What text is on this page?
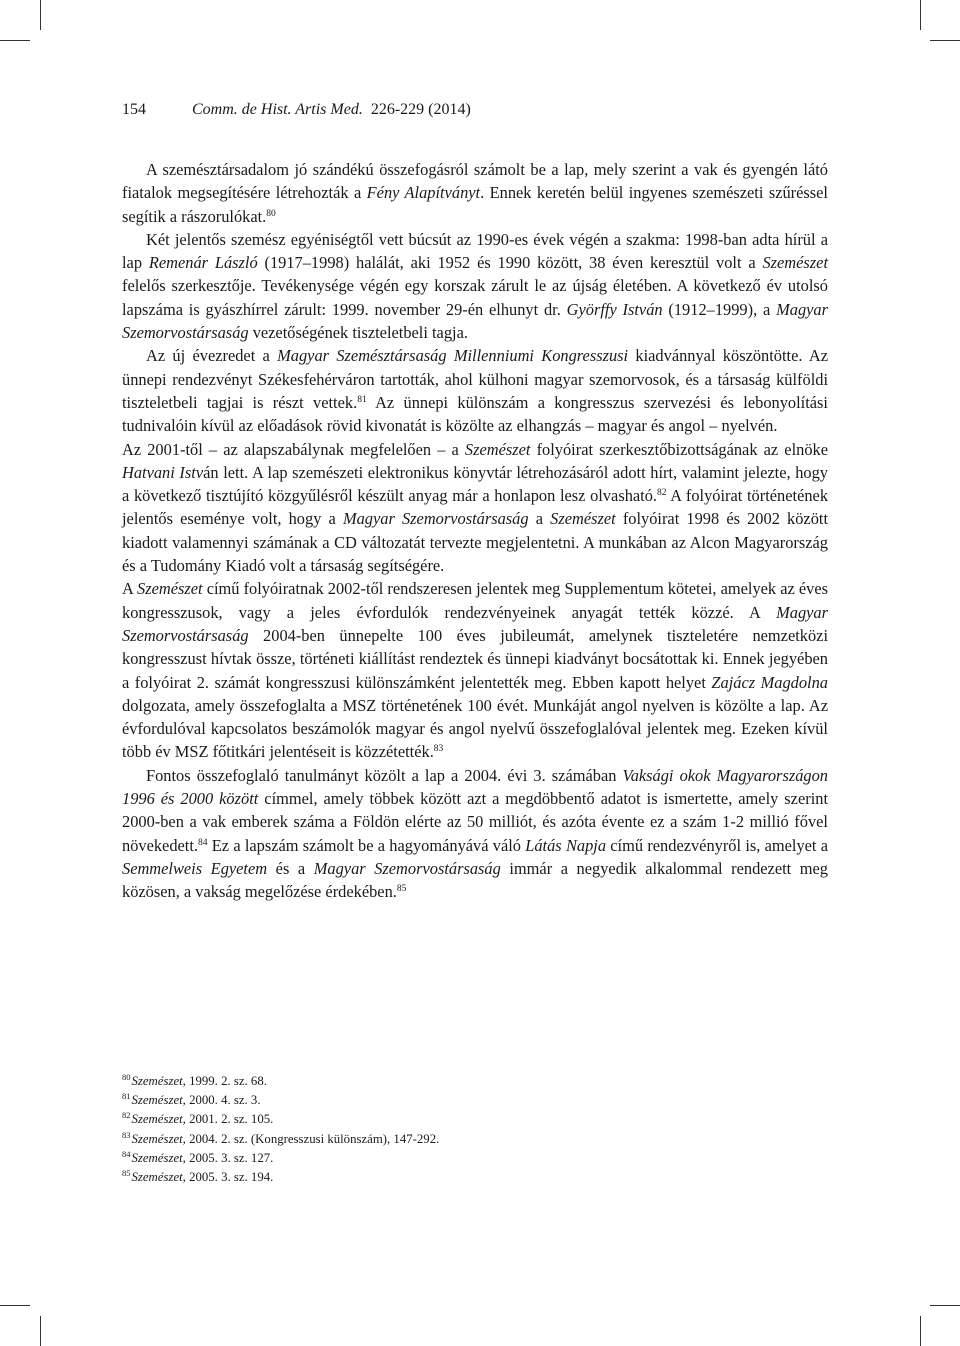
154	Comm. de Hist. Artis Med. 226-229 (2014)

A szemésztársadalom jó szándékú összefogásról számolt be a lap, mely szerint a vak és gyengén látó fiatalok megsegítésére létrehozták a Fény Alapítványt. Ennek keretén belül ingyenes szemészeti szűréssel segítik a rászorulókat.$^{80}$

Két jelentős szemész egyéniségtől vett búcsút az 1990-es évek végén a szakma: 1998-ban adta hírül a lap Remenár László (1917–1998) halálát, aki 1952 és 1990 között, 38 éven keresztül volt a Szemészet felelős szerkesztője. Tevékenysége végén egy korszak zárult le az újság életében. A következő év utolsó lapszáma is gyászhírrel zárult: 1999. november 29-én elhunyt dr. Györffy István (1912–1999), a Magyar Szemorvostársaság vezetőségének tiszteletbeli tagja.

Az új évezredet a Magyar Szemésztársaság Millenniumi Kongresszusi kiadvánnyal köszöntötte. Az ünnepi rendezvényt Székesfehérváron tartották, ahol külhoni magyar szemorvosok, és a társaság külföldi tiszteletbeli tagjai is részt vettek.$^{81}$ Az ünnepi különszám a kongresszus szervezési és lebonyolítási tudnivalóin kívül az előadások rövid kivonatát is közölte az elhangzás – magyar és angol – nyelvén.

Az 2001-től – az alapszabálynak megfelelően – a Szemészet folyóirat szerkesztőbizottságának az elnöke Hatvani István lett. A lap szemészeti elektronikus könyvtár létrehozásáról adott hírt, valamint jelezte, hogy a következő tisztújító közgyűlésről készült anyag már a honlapon lesz olvasható.$^{82}$ A folyóirat történetének jelentős eseménye volt, hogy a Magyar Szemorvostársaság a Szemészet folyóirat 1998 és 2002 között kiadott valamennyi számának a CD változatát tervezte megjelentetni. A munkában az Alcon Magyarország és a Tudomány Kiadó volt a társaság segítségére.

A Szemészet című folyóiratnak 2002-től rendszeresen jelentek meg Supplementum kötetei, amelyek az éves kongresszusok, vagy a jeles évfordulók rendezvényeinek anyagát tették közzé. A Magyar Szemorvostársaság 2004-ben ünnepelte 100 éves jubileumát, amelynek tiszteletére nemzetközi kongresszust hívtak össze, történeti kiállítást rendeztek és ünnepi kiadványt bocsátottak ki. Ennek jegyében a folyóirat 2. számát kongresszusi különszámként jelentették meg. Ebben kapott helyet Zajácz Magdolna dolgozata, amely összefoglalta a MSZ történetének 100 évét. Munkáját angol nyelven is közölte a lap. Az évfordulóval kapcsolatos beszámolók magyar és angol nyelvű összefoglalóval jelentek meg. Ezeken kívül több év MSZ főtitkári jelentéseit is közzétették.$^{83}$

Fontos összefoglaló tanulmányt közölt a lap a 2004. évi 3. számában Vaksági okok Magyarországon 1996 és 2000 között címmel, amely többek között azt a megdöbbentő adatot is ismertette, amely szerint 2000-ben a vak emberek száma a Földön elérte az 50 milliót, és azóta évente ez a szám 1-2 millió fővel növekedett.$^{84}$ Ez a lapszám számolt be a hagyományává váló Látás Napja című rendezvényről is, amelyet a Semmelweis Egyetem és a Magyar Szemorvostársaság immár a negyedik alkalommal rendezett meg közösen, a vakság megelőzése érdekében.$^{85}$

$^{80}$Szemészet, 1999. 2. sz. 68.
$^{81}$Szemészet, 2000. 4. sz. 3.
$^{82}$Szemészet, 2001. 2. sz. 105.
$^{83}$Szemészet, 2004. 2. sz. (Kongresszusi különszám), 147-292.
$^{84}$Szemészet, 2005. 3. sz. 127.
$^{85}$Szemészet, 2005. 3. sz. 194.
